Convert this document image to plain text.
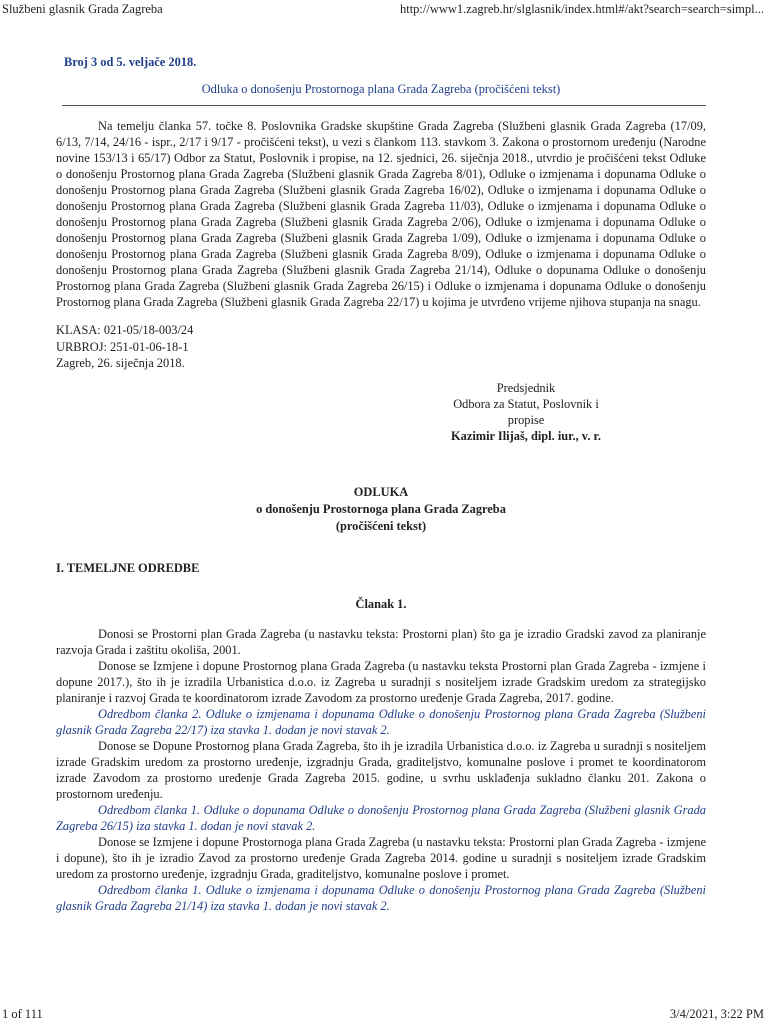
Službeni glasnik Grada Zagreba	http://www1.zagreb.hr/slglasnik/index.html#/akt?search=search=simpl...
Broj 3 od 5. veljače 2018.
Odluka o donošenju Prostornoga plana Grada Zagreba (pročišćeni tekst)

Na temelju članka 57. točke 8. Poslovnika Gradske skupštine Grada Zagreba (Službeni glasnik Grada Zagreba (17/09, 6/13, 7/14, 24/16 - ispr., 2/17 i 9/17 - pročišćeni tekst), u vezi s člankom 113. stavkom 3. Zakona o prostornom uređenju (Narodne novine 153/13 i 65/17) Odbor za Statut, Poslovnik i propise, na 12. sjednici, 26. siječnja 2018., utvrdio je pročišćeni tekst Odluke o donošenju Prostornog plana Grada Zagreba (Službeni glasnik Grada Zagreba 8/01), Odluke o izmjenama i dopunama Odluke o donošenju Prostornog plana Grada Zagreba (Službeni glasnik Grada Zagreba 16/02), Odluke o izmjenama i dopunama Odluke o donošenju Prostornog plana Grada Zagreba (Službeni glasnik Grada Zagreba 11/03), Odluke o izmjenama i dopunama Odluke o donošenju Prostornog plana Grada Zagreba (Službeni glasnik Grada Zagreba 2/06), Odluke o izmjenama i dopunama Odluke o donošenju Prostornog plana Grada Zagreba (Službeni glasnik Grada Zagreba 1/09), Odluke o izmjenama i dopunama Odluke o donošenju Prostornog plana Grada Zagreba (Službeni glasnik Grada Zagreba 8/09), Odluke o izmjenama i dopunama Odluke o donošenju Prostornog plana Grada Zagreba (Službeni glasnik Grada Zagreba 21/14), Odluke o dopunama Odluke o donošenju Prostornog plana Grada Zagreba (Službeni glasnik Grada Zagreba 26/15) i Odluke o izmjenama i dopunama Odluke o donošenju Prostornog plana Grada Zagreba (Službeni glasnik Grada Zagreba 22/17) u kojima je utvrđeno vrijeme njihova stupanja na snagu.

KLASA: 021-05/18-003/24
URBROJ: 251-01-06-18-1
Zagreb, 26. siječnja 2018.
Predsjednik
Odbora za Statut, Poslovnik i propise
Kazimir Ilijaš, dipl. iur., v. r.
ODLUKA
o donošenju Prostornoga plana Grada Zagreba
(pročišćeni tekst)
I. TEMELJNE ODREDBE
Članak 1.

Donosi se Prostorni plan Grada Zagreba (u nastavku teksta: Prostorni plan) što ga je izradio Gradski zavod za planiranje razvoja Grada i zaštitu okoliša, 2001.

Donose se Izmjene i dopune Prostornog plana Grada Zagreba (u nastavku teksta Prostorni plan Grada Zagreba - izmjene i dopune 2017.), što ih je izradila Urbanistica d.o.o. iz Zagreba u suradnji s nositeljem izrade Gradskim uredom za strategijsko planiranje i razvoj Grada te koordinatorom izrade Zavodom za prostorno uređenje Grada Zagreba, 2017. godine.

Odredbom članka 2. Odluke o izmjenama i dopunama Odluke o donošenju Prostornog plana Grada Zagreba (Službeni glasnik Grada Zagreba 22/17) iza stavka 1. dodan je novi stavak 2.

Donose se Dopune Prostornog plana Grada Zagreba, što ih je izradila Urbanistica d.o.o. iz Zagreba u suradnji s nositeljem izrade Gradskim uredom za prostorno uređenje, izgradnju Grada, graditeljstvo, komunalne poslove i promet te koordinatorom izrade Zavodom za prostorno uređenje Grada Zagreba 2015. godine, u svrhu usklađenja sukladno članku 201. Zakona o prostornom uređenju.

Odredbom članka 1. Odluke o dopunama Odluke o donošenju Prostornog plana Grada Zagreba (Službeni glasnik Grada Zagreba 26/15) iza stavka 1. dodan je novi stavak 2.

Donose se Izmjene i dopune Prostornoga plana Grada Zagreba (u nastavku teksta: Prostorni plan Grada Zagreba - izmjene i dopune), što ih je izradio Zavod za prostorno uređenje Grada Zagreba 2014. godine u suradnji s nositeljem izrade Gradskim uredom za prostorno uređenje, izgradnju Grada, graditeljstvo, komunalne poslove i promet.

Odredbom članka 1. Odluke o izmjenama i dopunama Odluke o donošenju Prostornog plana Grada Zagreba (Službeni glasnik Grada Zagreba 21/14) iza stavka 1. dodan je novi stavak 2.

1 of 111	3/4/2021, 3:22 PM
